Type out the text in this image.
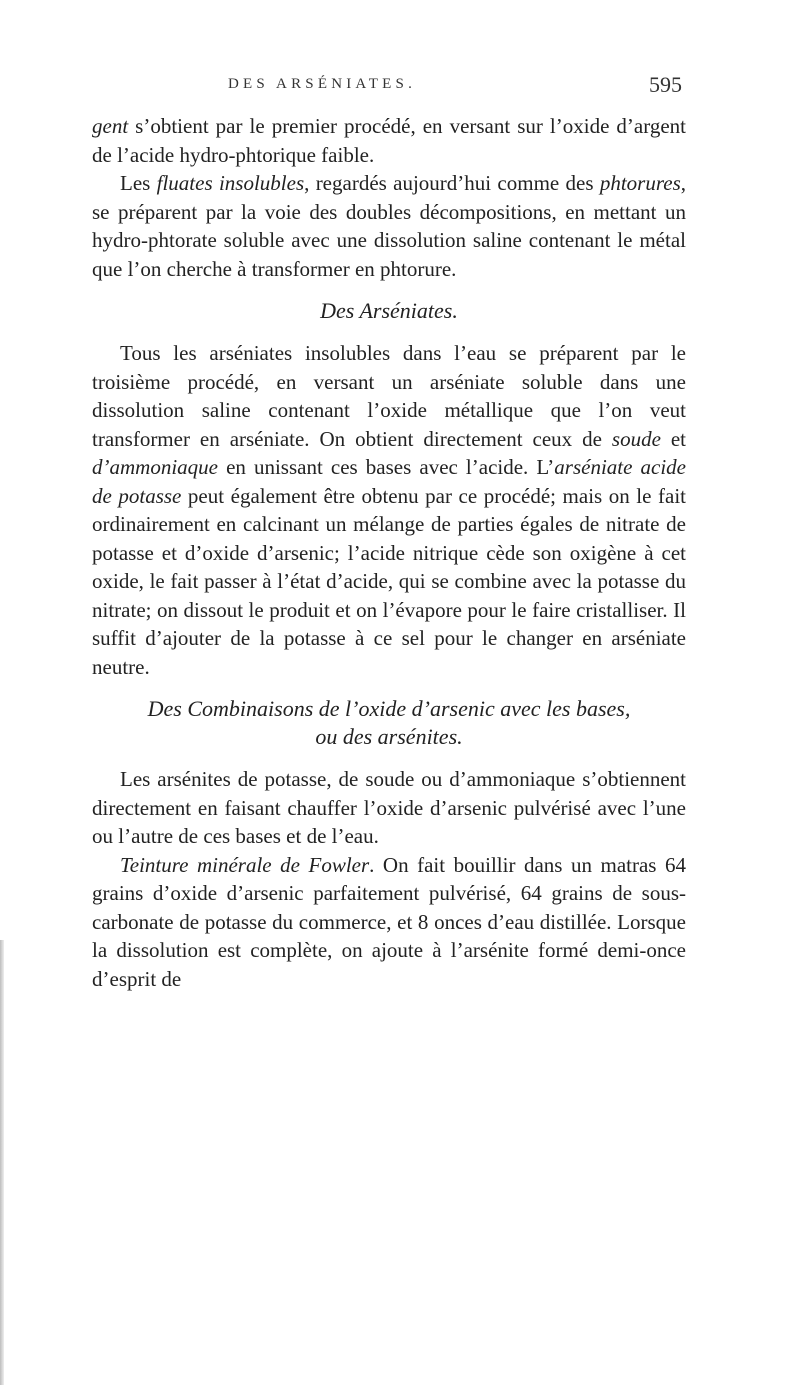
DES ARSÉNIATES.	595

gent s’obtient par le premier procédé, en versant sur l’oxide d’argent de l’acide hydro-phtorique faible.

Les fluates insolubles, regardés aujourd’hui comme des phtorures, se préparent par la voie des doubles décompositions, en mettant un hydro-phtorate soluble avec une dissolution saline contenant le métal que l’on cherche à transformer en phtorure.

Des Arséniates.

Tous les arséniates insolubles dans l’eau se préparent par le troisième procédé, en versant un arséniate soluble dans une dissolution saline contenant l’oxide métallique que l’on veut transformer en arséniate. On obtient directement ceux de soude et d’ammoniaque en unissant ces bases avec l’acide. L’arséniate acide de potasse peut également être obtenu par ce procédé; mais on le fait ordinairement en calcinant un mélange de parties égales de nitrate de potasse et d’oxide d’arsenic; l’acide nitrique cède son oxigène à cet oxide, le fait passer à l’état d’acide, qui se combine avec la potasse du nitrate; on dissout le produit et on l’évapore pour le faire cristalliser. Il suffit d’ajouter de la potasse à ce sel pour le changer en arséniate neutre.

Des Combinaisons de l’oxide d’arsenic avec les bases,
ou des arsénites.

Les arsénites de potasse, de soude ou d’ammoniaque s’obtiennent directement en faisant chauffer l’oxide d’arsenic pulvérisé avec l’une ou l’autre de ces bases et de l’eau.

Teinture minérale de Fowler. On fait bouillir dans un matras 64 grains d’oxide d’arsenic parfaitement pulvérisé, 64 grains de sous-carbonate de potasse du commerce, et 8 onces d’eau distillée. Lorsque la dissolution est complète, on ajoute à l’arsénite formé demi-once d’esprit de
